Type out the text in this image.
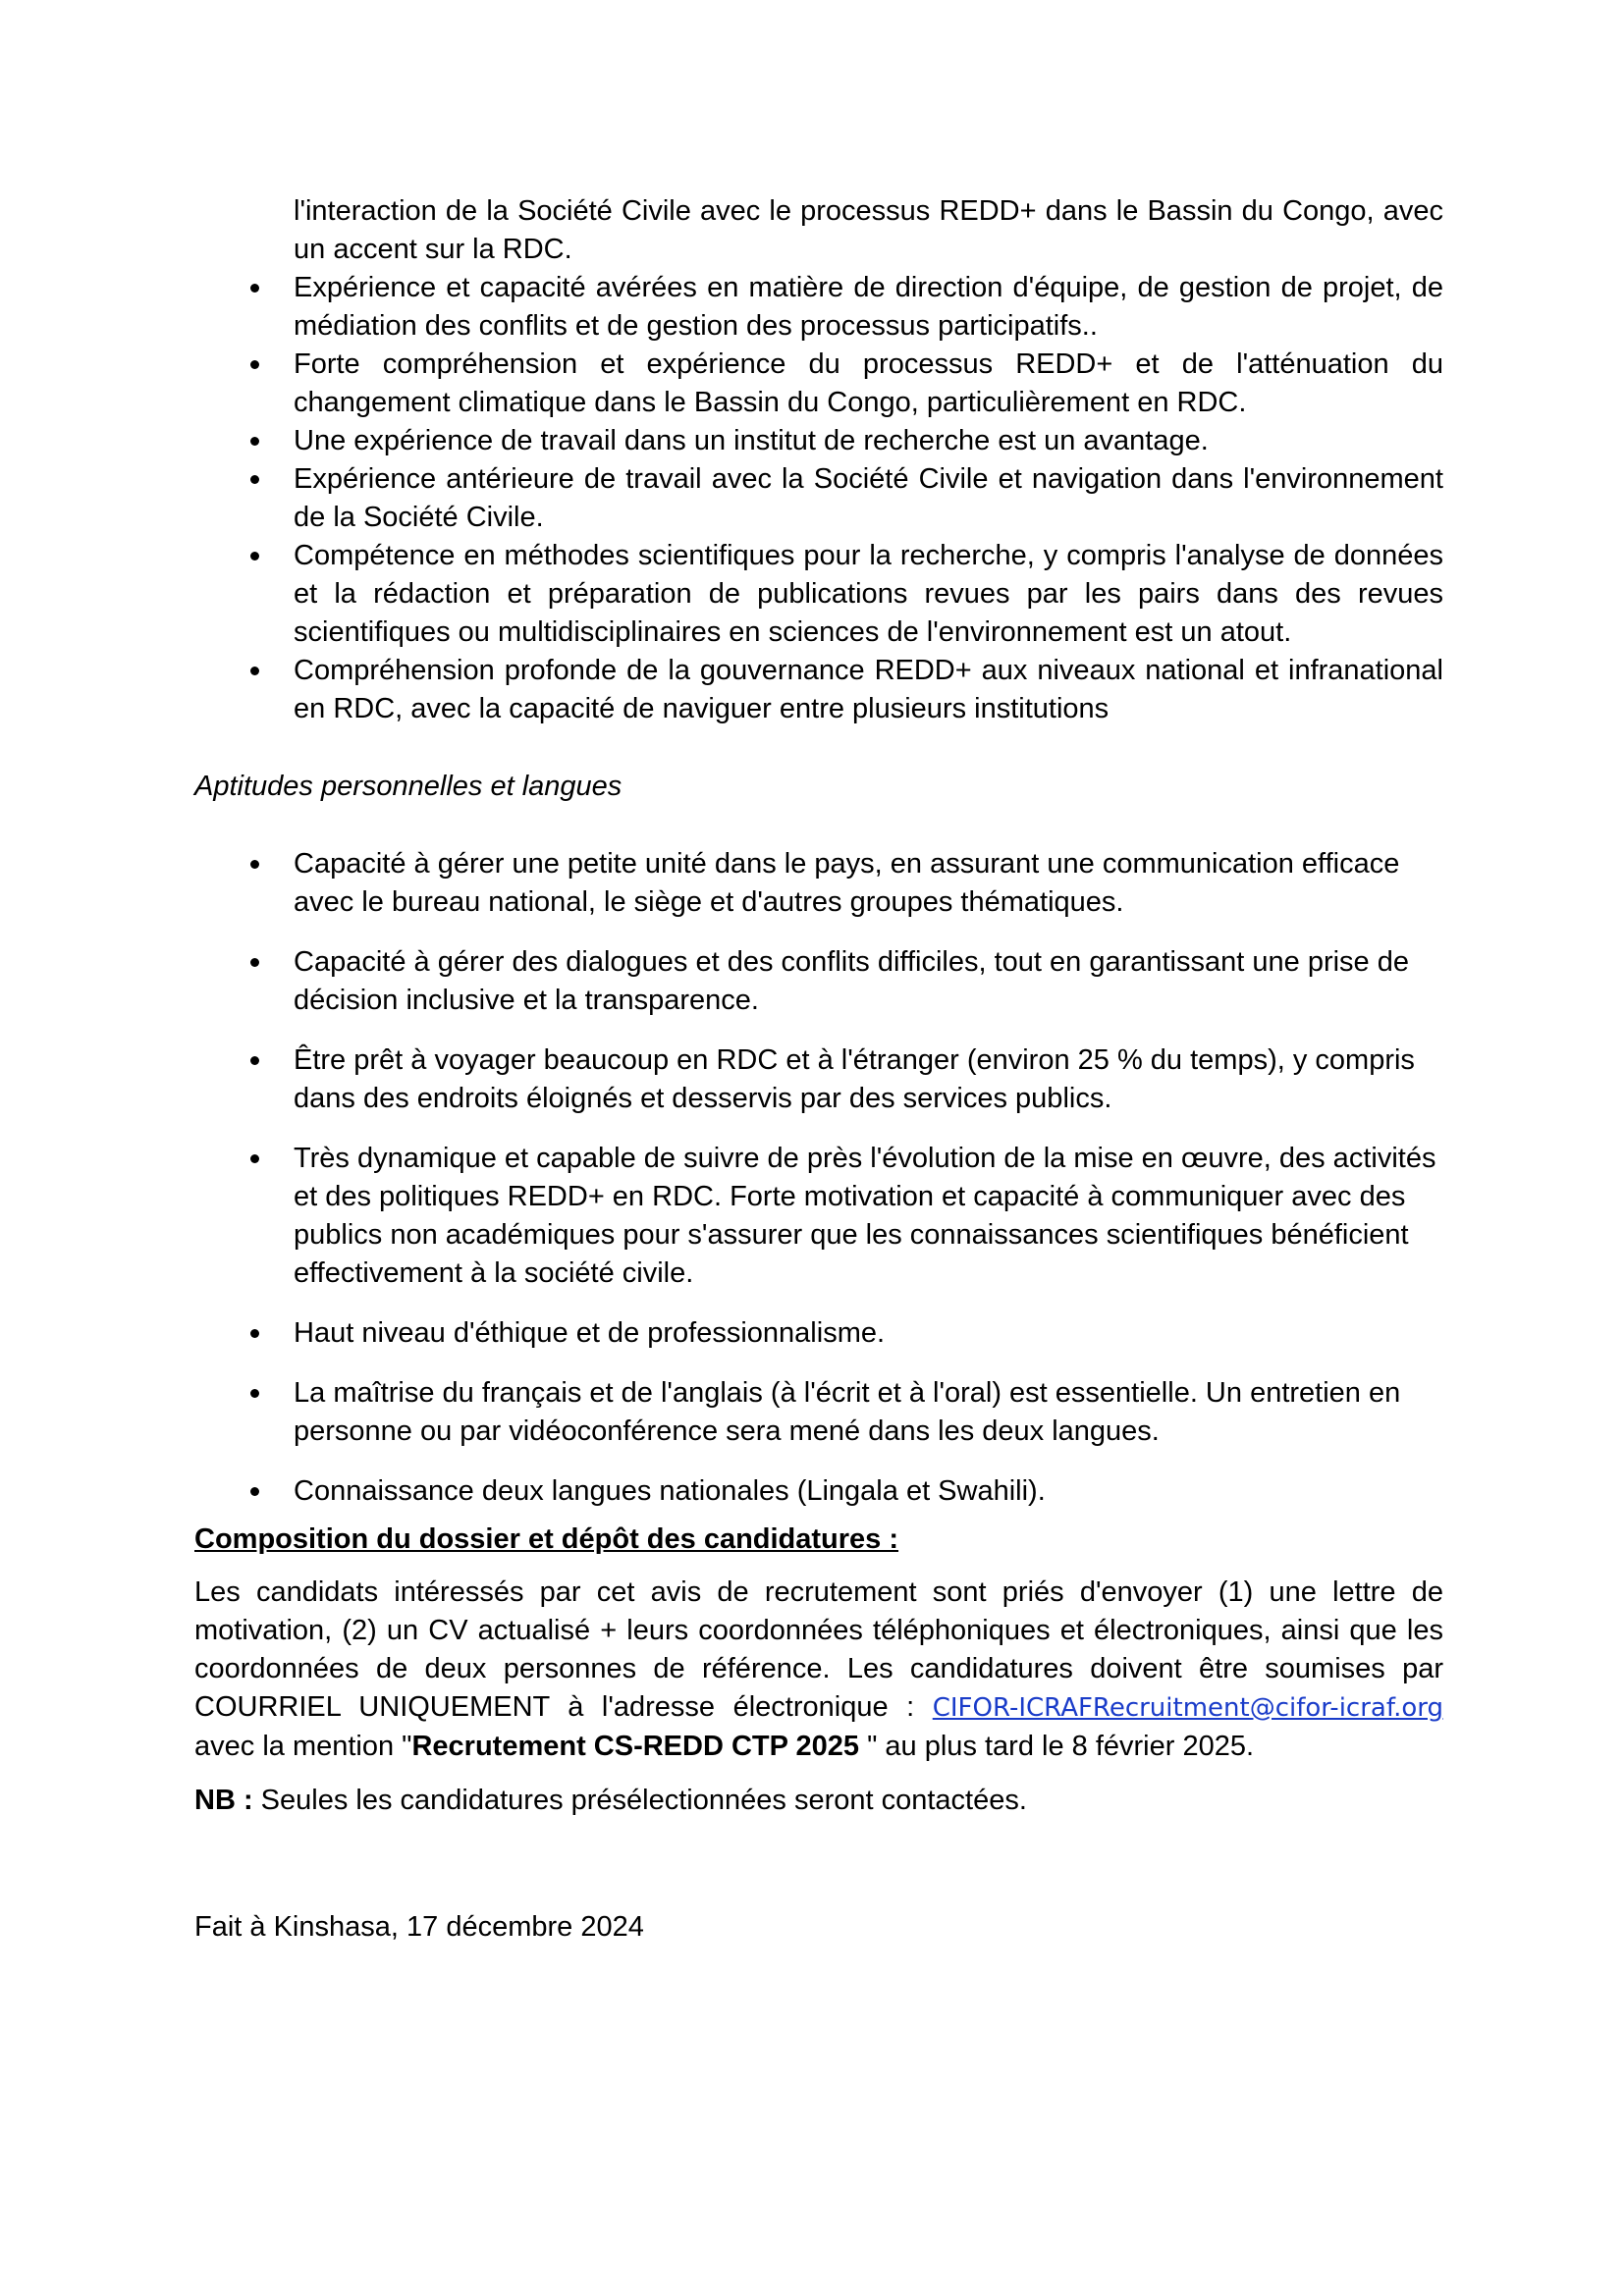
l'interaction de la Société Civile avec le processus REDD+ dans le Bassin du Congo, avec un accent sur la RDC.
Expérience et capacité avérées en matière de direction d'équipe, de gestion de projet, de médiation des conflits et de gestion des processus participatifs..
Forte compréhension et expérience du processus REDD+ et de l'atténuation du changement climatique dans le Bassin du Congo, particulièrement en RDC.
Une expérience de travail dans un institut de recherche est un avantage.
Expérience antérieure de travail avec la Société Civile et navigation dans l'environnement de la Société Civile.
Compétence en méthodes scientifiques pour la recherche, y compris l'analyse de données et la rédaction et préparation de publications revues par les pairs dans des revues scientifiques ou multidisciplinaires en sciences de l'environnement est un atout.
Compréhension profonde de la gouvernance REDD+ aux niveaux national et infranational en RDC, avec la capacité de naviguer entre plusieurs institutions
Aptitudes personnelles et langues
Capacité à gérer une petite unité dans le pays, en assurant une communication efficace avec le bureau national, le siège et d'autres groupes thématiques.
Capacité à gérer des dialogues et des conflits difficiles, tout en garantissant une prise de décision inclusive et la transparence.
Être prêt à voyager beaucoup en RDC et à l'étranger (environ 25 % du temps), y compris dans des endroits éloignés et desservis par des services publics.
Très dynamique et capable de suivre de près l'évolution de la mise en œuvre, des activités et des politiques REDD+ en RDC. Forte motivation et capacité à communiquer avec des publics non académiques pour s'assurer que les connaissances scientifiques bénéficient effectivement à la société civile.
Haut niveau d'éthique et de professionnalisme.
La maîtrise du français et de l'anglais (à l'écrit et à l'oral) est essentielle. Un entretien en personne ou par vidéoconférence sera mené dans les deux langues.
Connaissance deux langues nationales (Lingala et Swahili).
Composition du dossier et dépôt des candidatures :
Les candidats intéressés par cet avis de recrutement sont priés d'envoyer (1) une lettre de motivation, (2) un CV actualisé + leurs coordonnées téléphoniques et électroniques, ainsi que les coordonnées de deux personnes de référence. Les candidatures doivent être soumises par COURRIEL UNIQUEMENT à l'adresse électronique : CIFOR-ICRAFRecruitment@cifor-icraf.org avec la mention "Recrutement CS-REDD CTP 2025 " au plus tard le 8 février 2025.
NB : Seules les candidatures présélectionnées seront contactées.
Fait à Kinshasa, 17 décembre 2024
